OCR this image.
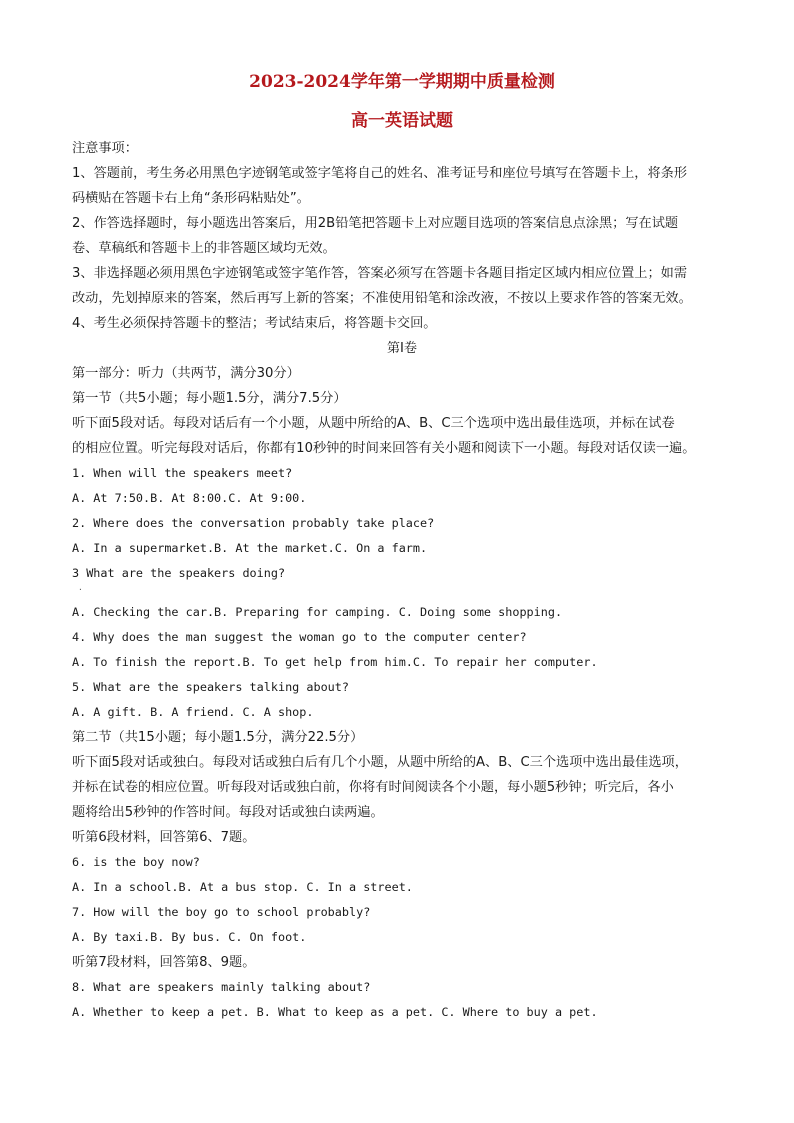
2023-2024学年第一学期期中质量检测
高一英语试题
注意事项：
1、答题前，考生务必用黑色字迹钢笔或签字笔将自己的姓名、准考证号和座位号填写在答题卡上，将条形
码横贴在答题卡右上角“条形码粘贴处”。
2、作答选择题时，每小题选出答案后，用2B铅笔把答题卡上对应题目选项的答案信息点涂黑；写在试题
卷、草稿纸和答题卡上的非答题区域均无效。
3、非选择题必须用黑色字迹钢笔或签字笔作答，答案必须写在答题卡各题目指定区域内相应位置上；如需
改动，先划掉原来的答案，然后再写上新的答案；不准使用铅笔和涂改液，不按以上要求作答的答案无效。
4、考生必须保持答题卡的整洁；考试结束后，将答题卡交回。
第Ⅰ卷
第一部分：听力（共两节，满分30分）
第一节（共5小题；每小题1.5分，满分7.5分）
听下面5段对话。每段对话后有一个小题，从题中所给的A、B、C三个选项中选出最佳选项，并标在试卷
的相应位置。听完每段对话后，你都有10秒钟的时间来回答有关小题和阅读下一小题。每段对话仅读一遍。
1. When will the speakers meet?
A. At 7:50.B. At 8:00.C. At 9:00.
2. Where does the conversation probably take place?
A. In a supermarket.B. At the market.C. On a farm.
3 What are the speakers doing?
·
A. Checking the car.B. Preparing for camping. C. Doing some shopping.
4. Why does the man suggest the woman go to the computer center?
A. To finish the report.B. To get help from him.C. To repair her computer.
5. What are the speakers talking about?
A. A gift. B. A friend. C. A shop.
第二节（共15小题；每小题1.5分，满分22.5分）
听下面5段对话或独白。每段对话或独白后有几个小题，从题中所给的A、B、C三个选项中选出最佳选项，
并标在试卷的相应位置。听每段对话或独白前，你将有时间阅读各个小题，每小题5秒钟；听完后，各小
题将给出5秒钟的作答时间。每段对话或独白读两遍。
听第6段材料，回答第6、7题。
6. is the boy now?
A. In a school.B. At a bus stop. C. In a street.
7. How will the boy go to school probably?
A. By taxi.B. By bus. C. On foot.
听第7段材料，回答第8、9题。
8. What are speakers mainly talking about?
A. Whether to keep a pet. B. What to keep as a pet. C. Where to buy a pet.
